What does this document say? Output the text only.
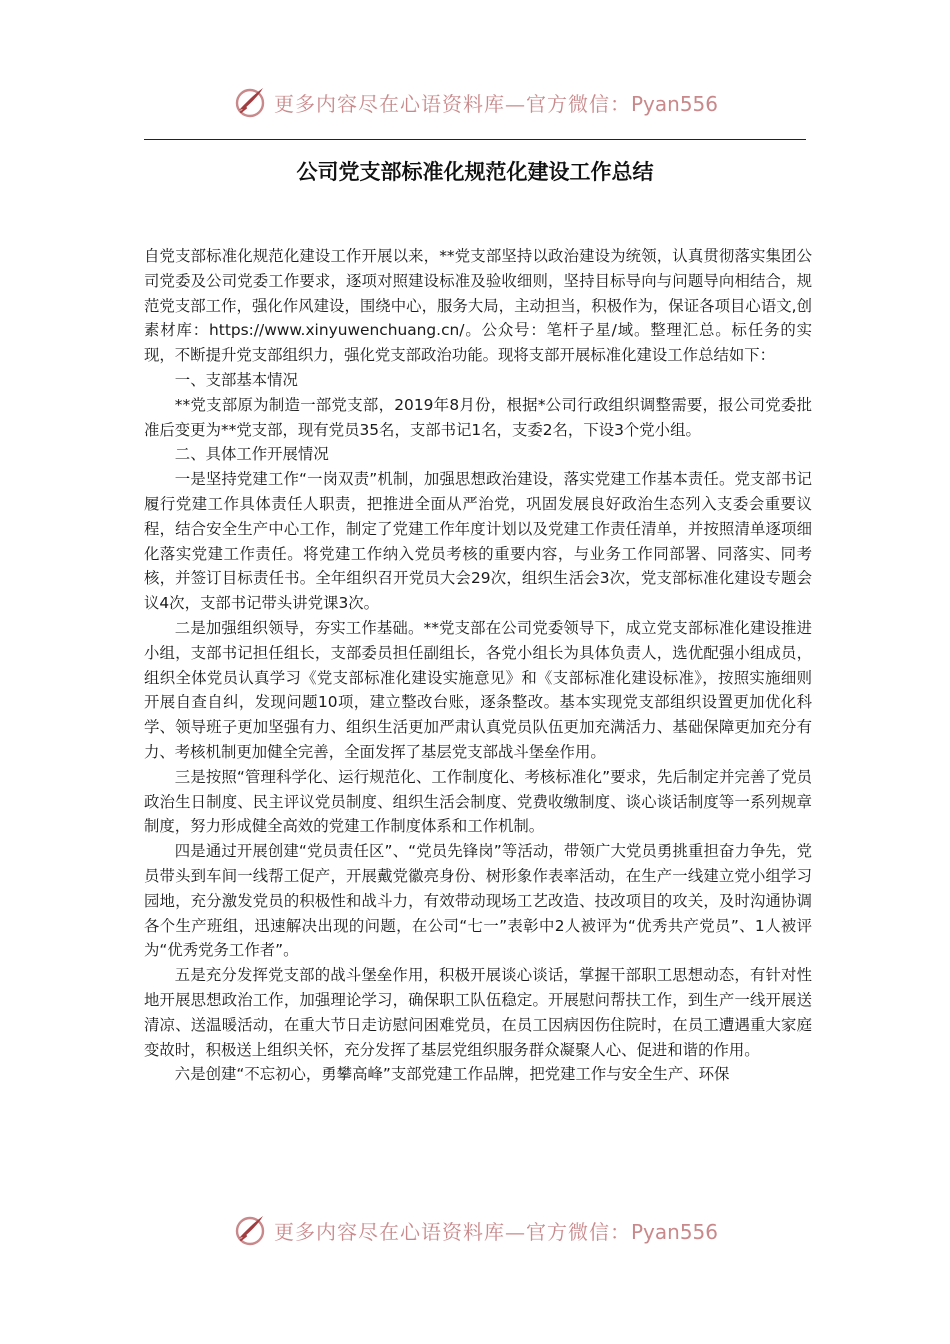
更多内容尽在心语资料库—官方微信：Pyan556
公司党支部标准化规范化建设工作总结

自党支部标准化规范化建设工作开展以来，**党支部坚持以政治建设为统领，认真贯彻落实集团公司党委及公司党委工作要求，逐项对照建设标准及验收细则，坚持目标导向与问题导向相结合，规范党支部工作，强化作风建设，围绕中心，服务大局，主动担当，积极作为，保证各项目心语文,创素材库：https://www.xinyuwenchuang.cn/。公众号：笔杆子星/域。整理汇总。标任务的实现，不断提升党支部组织力，强化党支部政治功能。现将支部开展标准化建设工作总结如下：

一、支部基本情况

**党支部原为制造一部党支部，2019年8月份，根据*公司行政组织调整需要，报公司党委批准后变更为**党支部，现有党员35名，支部书记1名，支委2名，下设3个党小组。

二、具体工作开展情况

一是坚持党建工作“一岗双责”机制，加强思想政治建设，落实党建工作基本责任。党支部书记履行党建工作具体责任人职责，把推进全面从严治党，巩固发展良好政治生态列入支委会重要议程，结合安全生产中心工作，制定了党建工作年度计划以及党建工作责任清单，并按照清单逐项细化落实党建工作责任。将党建工作纳入党员考核的重要内容，与业务工作同部署、同落实、同考核，并签订目标责任书。全年组织召开党员大会29次，组织生活会3次，党支部标准化建设专题会议4次，支部书记带头讲党课3次。

二是加强组织领导，夯实工作基础。**党支部在公司党委领导下，成立党支部标准化建设推进小组，支部书记担任组长，支部委员担任副组长，各党小组长为具体负责人，选优配强小组成员，组织全体党员认真学习《党支部标准化建设实施意见》和《支部标准化建设标准》，按照实施细则开展自查自纠，发现问题10项，建立整改台账，逐条整改。基本实现党支部组织设置更加优化科学、领导班子更加坚强有力、组织生活更加严肃认真党员队伍更加充满活力、基础保障更加充分有力、考核机制更加健全完善，全面发挥了基层党支部战斗堡垒作用。

三是按照“管理科学化、运行规范化、工作制度化、考核标准化”要求，先后制定并完善了党员政治生日制度、民主评议党员制度、组织生活会制度、党费收缴制度、谈心谈话制度等一系列规章制度，努力形成健全高效的党建工作制度体系和工作机制。

四是通过开展创建“党员责任区”、“党员先锋岗”等活动，带领广大党员勇挑重担奋力争先，党员带头到车间一线帮工促产，开展戴党徽亮身份、树形象作表率活动，在生产一线建立党小组学习园地，充分激发党员的积极性和战斗力，有效带动现场工艺改造、技改项目的攻关，及时沟通协调各个生产班组，迅速解决出现的问题，在公司“七一”表彰中2人被评为“优秀共产党员”、1人被评为“优秀党务工作者”。

五是充分发挥党支部的战斗堡垒作用，积极开展谈心谈话，掌握干部职工思想动态，有针对性地开展思想政治工作，加强理论学习，确保职工队伍稳定。开展慰问帮扶工作，到生产一线开展送清凉、送温暖活动，在重大节日走访慰问困难党员，在员工因病因伤住院时，在员工遭遇重大家庭变故时，积极送上组织关怀，充分发挥了基层党组织服务群众凝聚人心、促进和谐的作用。

六是创建“不忘初心，勇攀高峰”支部党建工作品牌，把党建工作与安全生产、环保

更多内容尽在心语资料库—官方微信：Pyan556
